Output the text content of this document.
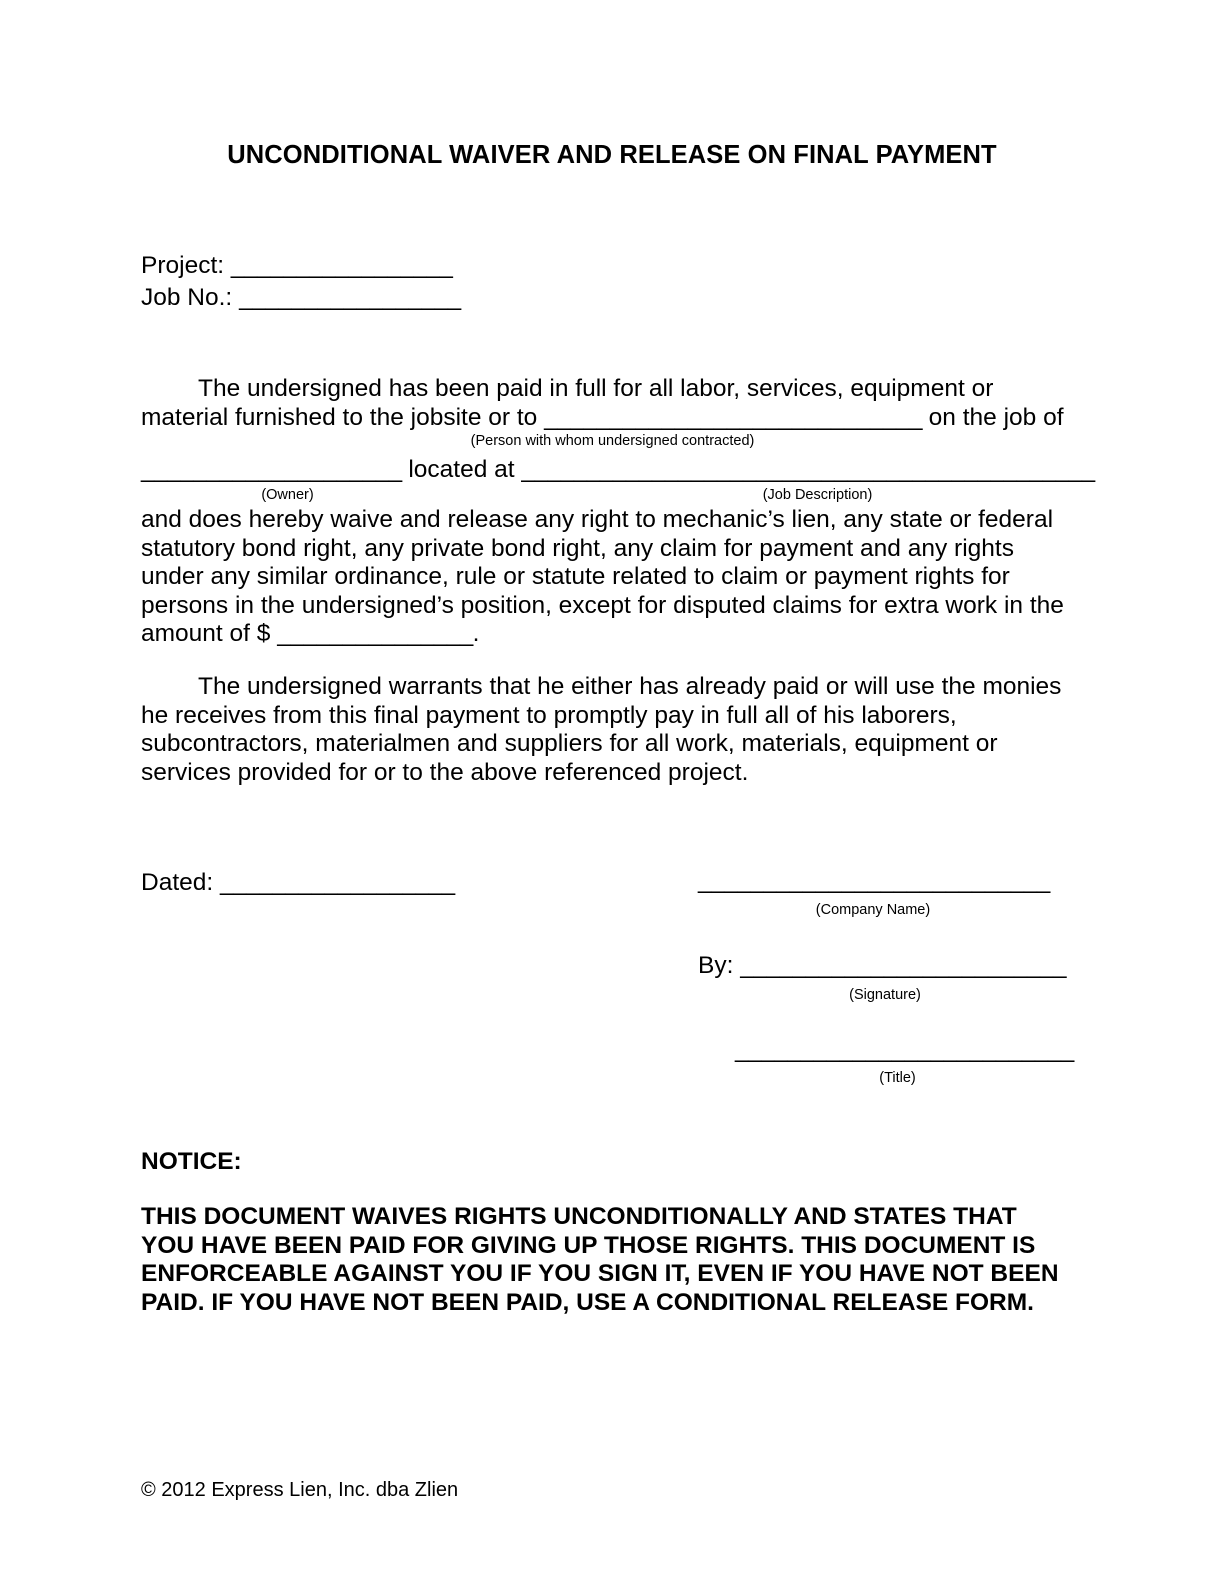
UNCONDITIONAL WAIVER AND RELEASE ON FINAL PAYMENT
Project: _________________
Job No.: _________________
The undersigned has been paid in full for all labor, services, equipment or material furnished to the jobsite or to _____________________________ on the job of
(Person with whom undersigned contracted)
____________________ located at ____________________________________________
(Owner)	(Job Description)
and does hereby waive and release any right to mechanic’s lien, any state or federal statutory bond right, any private bond right, any claim for payment and any rights under any similar ordinance, rule or statute related to claim or payment rights for persons in the undersigned’s position, except for disputed claims for extra work in the amount of $ _______________.
The undersigned warrants that he either has already paid or will use the monies he receives from this final payment to promptly pay in full all of his laborers, subcontractors, materialmen and suppliers for all work, materials, equipment or services provided for or to the above referenced project.
Dated: __________________	___________________________
(Company Name)
By: _________________________
(Signature)
__________________________
(Title)
NOTICE:
THIS DOCUMENT WAIVES RIGHTS UNCONDITIONALLY AND STATES THAT YOU HAVE BEEN PAID FOR GIVING UP THOSE RIGHTS. THIS DOCUMENT IS ENFORCEABLE AGAINST YOU IF YOU SIGN IT, EVEN IF YOU HAVE NOT BEEN PAID. IF YOU HAVE NOT BEEN PAID, USE A CONDITIONAL RELEASE FORM.
© 2012 Express Lien, Inc. dba Zlien
